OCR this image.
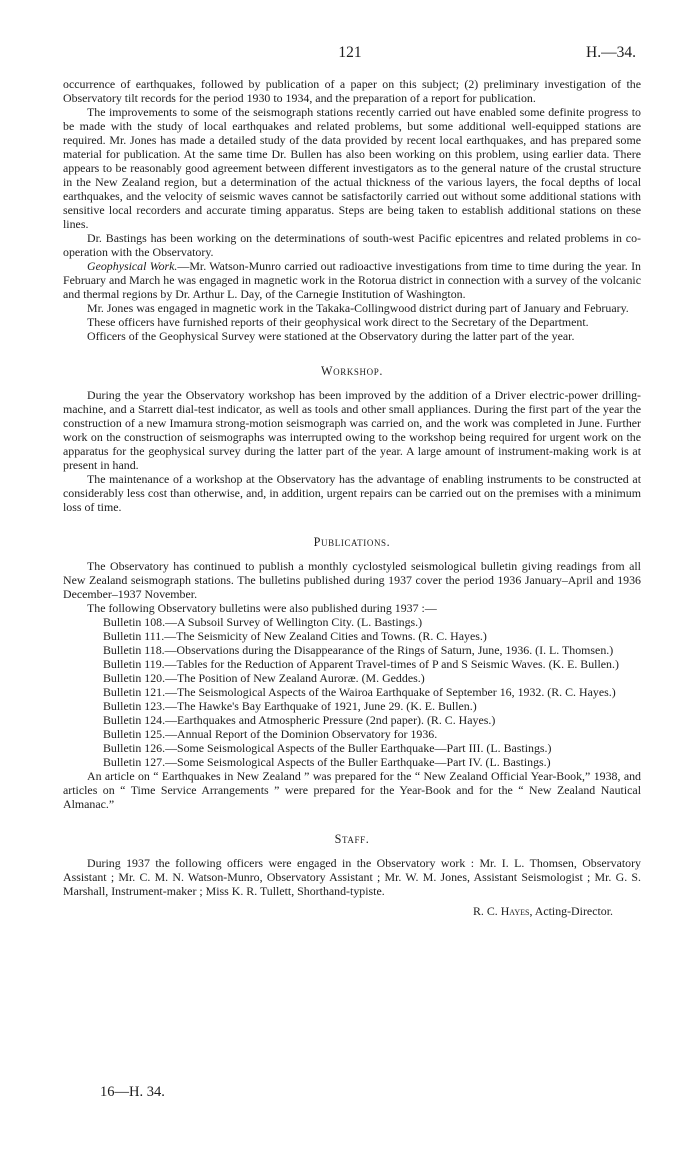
121	H.—34.

occurrence of earthquakes, followed by publication of a paper on this subject; (2) preliminary investigation of the Observatory tilt records for the period 1930 to 1934, and the preparation of a report for publication.

The improvements to some of the seismograph stations recently carried out have enabled some definite progress to be made with the study of local earthquakes and related problems, but some additional well-equipped stations are required. Mr. Jones has made a detailed study of the data provided by recent local earthquakes, and has prepared some material for publication. At the same time Dr. Bullen has also been working on this problem, using earlier data. There appears to be reasonably good agreement between different investigators as to the general nature of the crustal structure in the New Zealand region, but a determination of the actual thickness of the various layers, the focal depths of local earthquakes, and the velocity of seismic waves cannot be satisfactorily carried out without some additional stations with sensitive local recorders and accurate timing apparatus. Steps are being taken to establish additional stations on these lines.

Dr. Bastings has been working on the determinations of south-west Pacific epicentres and related problems in co-operation with the Observatory.

Geophysical Work.—Mr. Watson-Munro carried out radioactive investigations from time to time during the year. In February and March he was engaged in magnetic work in the Rotorua district in connection with a survey of the volcanic and thermal regions by Dr. Arthur L. Day, of the Carnegie Institution of Washington.

Mr. Jones was engaged in magnetic work in the Takaka-Collingwood district during part of January and February.

These officers have furnished reports of their geophysical work direct to the Secretary of the Department.

Officers of the Geophysical Survey were stationed at the Observatory during the latter part of the year.

Workshop.

During the year the Observatory workshop has been improved by the addition of a Driver electric-power drilling-machine, and a Starrett dial-test indicator, as well as tools and other small appliances. During the first part of the year the construction of a new Imamura strong-motion seismograph was carried on, and the work was completed in June. Further work on the construction of seismographs was interrupted owing to the workshop being required for urgent work on the apparatus for the geophysical survey during the latter part of the year. A large amount of instrument-making work is at present in hand.

The maintenance of a workshop at the Observatory has the advantage of enabling instruments to be constructed at considerably less cost than otherwise, and, in addition, urgent repairs can be carried out on the premises with a minimum loss of time.

Publications.

The Observatory has continued to publish a monthly cyclostyled seismological bulletin giving readings from all New Zealand seismograph stations. The bulletins published during 1937 cover the period 1936 January–April and 1936 December–1937 November.

The following Observatory bulletins were also published during 1937 :—

Bulletin 108.—A Subsoil Survey of Wellington City. (L. Bastings.)
Bulletin 111.—The Seismicity of New Zealand Cities and Towns. (R. C. Hayes.)
Bulletin 118.—Observations during the Disappearance of the Rings of Saturn, June, 1936. (I. L. Thomsen.)
Bulletin 119.—Tables for the Reduction of Apparent Travel-times of P and S Seismic Waves. (K. E. Bullen.)
Bulletin 120.—The Position of New Zealand Auroræ. (M. Geddes.)
Bulletin 121.—The Seismological Aspects of the Wairoa Earthquake of September 16, 1932. (R. C. Hayes.)
Bulletin 123.—The Hawke's Bay Earthquake of 1921, June 29. (K. E. Bullen.)
Bulletin 124.—Earthquakes and Atmospheric Pressure (2nd paper). (R. C. Hayes.)
Bulletin 125.—Annual Report of the Dominion Observatory for 1936.
Bulletin 126.—Some Seismological Aspects of the Buller Earthquake—Part III. (L. Bastings.)
Bulletin 127.—Some Seismological Aspects of the Buller Earthquake—Part IV. (L. Bastings.)

An article on “ Earthquakes in New Zealand ” was prepared for the “ New Zealand Official Year-Book,” 1938, and articles on “ Time Service Arrangements ” were prepared for the Year-Book and for the “ New Zealand Nautical Almanac.”

Staff.

During 1937 the following officers were engaged in the Observatory work : Mr. I. L. Thomsen, Observatory Assistant ; Mr. C. M. N. Watson-Munro, Observatory Assistant ; Mr. W. M. Jones, Assistant Seismologist ; Mr. G. S. Marshall, Instrument-maker ; Miss K. R. Tullett, Shorthand-typiste.

R. C. Hayes, Acting-Director.

16—H. 34.
